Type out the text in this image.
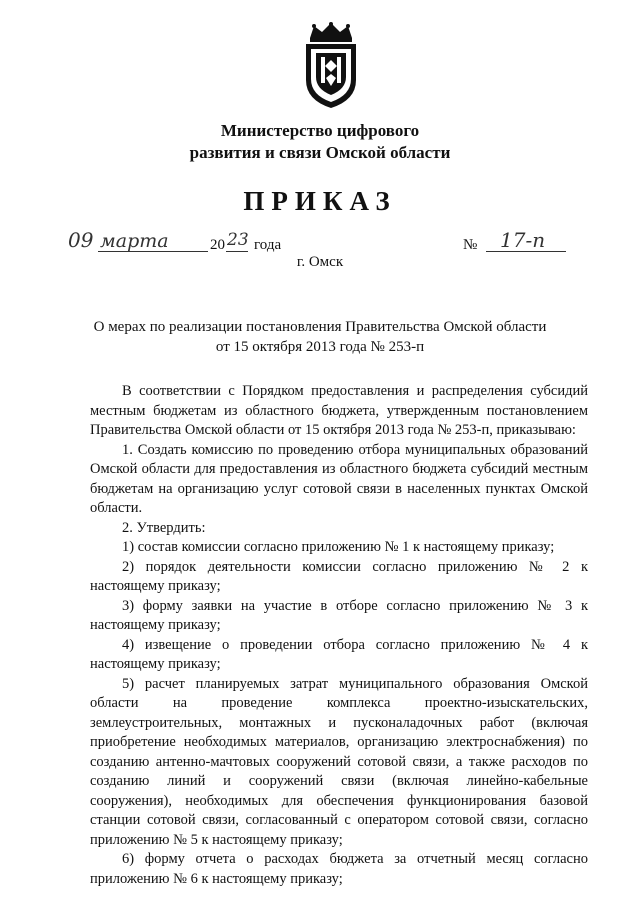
Министерство цифрового
развития и связи Омской области
ПРИКАЗ
09 марта	20 23 года	№ 17-п
г. Омск
О мерах по реализации постановления Правительства Омской области
от 15 октября 2013 года № 253-п

В соответствии с Порядком предоставления и распределения субсидий местным бюджетам из областного бюджета, утвержденным постановлением Правительства Омской области от 15 октября 2013 года № 253-п, приказываю:

1. Создать комиссию по проведению отбора муниципальных образований Омской области для предоставления из областного бюджета субсидий местным бюджетам на организацию услуг сотовой связи в населенных пунктах Омской области.

2. Утвердить:

1) состав комиссии согласно приложению № 1 к настоящему приказу;

2) порядок деятельности комиссии согласно приложению № 2 к настоящему приказу;

3) форму заявки на участие в отборе согласно приложению № 3 к настоящему приказу;

4) извещение о проведении отбора согласно приложению № 4 к настоящему приказу;

5) расчет планируемых затрат муниципального образования Омской области на проведение комплекса проектно-изыскательских, землеустроительных, монтажных и пусконаладочных работ (включая приобретение необходимых материалов, организацию электроснабжения) по созданию антенно-мачтовых сооружений сотовой связи, а также расходов по созданию линий и сооружений связи (включая линейно-кабельные сооружения), необходимых для обеспечения функционирования базовой станции сотовой связи, согласованный с оператором сотовой связи, согласно приложению № 5 к настоящему приказу;

6) форму отчета о расходах бюджета за отчетный месяц согласно приложению № 6 к настоящему приказу;
